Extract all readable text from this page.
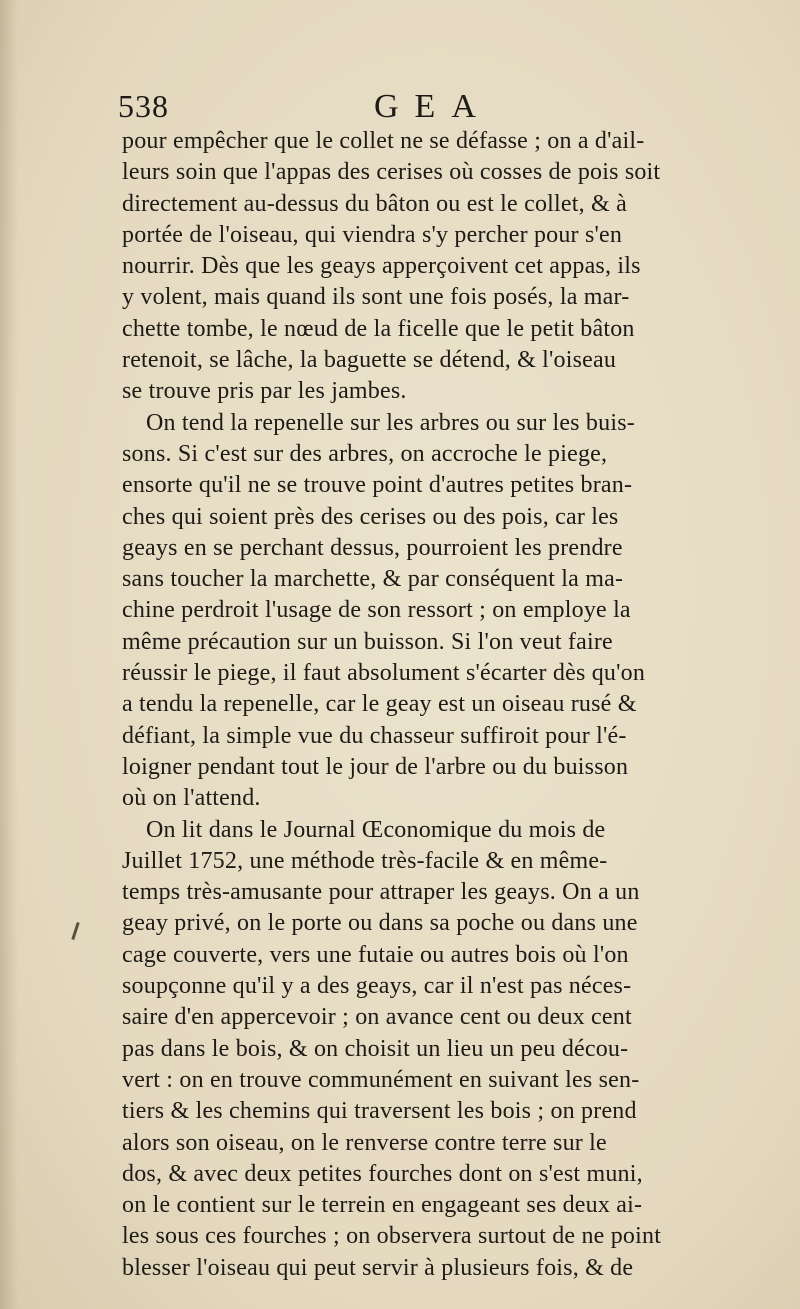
538	GEA
pour empêcher que le collet ne se défasse ; on a d'ail-
leurs soin que l'appas des cerises où cosses de pois soit
directement au-dessus du bâton ou est le collet, & à
portée de l'oiseau, qui viendra s'y percher pour s'en
nourrir. Dès que les geays apperçoivent cet appas, ils
y volent, mais quand ils sont une fois posés, la mar-
chette tombe, le nœud de la ficelle que le petit bâton
retenoit, se lâche, la baguette se détend, & l'oiseau
se trouve pris par les jambes.
On tend la repenelle sur les arbres ou sur les buis-
sons. Si c'est sur des arbres, on accroche le piege,
ensorte qu'il ne se trouve point d'autres petites bran-
ches qui soient près des cerises ou des pois, car les
geays en se perchant dessus, pourroient les prendre
sans toucher la marchette, & par conséquent la ma-
chine perdroit l'usage de son ressort ; on employe la
même précaution sur un buisson. Si l'on veut faire
réussir le piege, il faut absolument s'écarter dès qu'on
a tendu la repenelle, car le geay est un oiseau rusé &
défiant, la simple vue du chasseur suffiroit pour l'é-
loigner pendant tout le jour de l'arbre ou du buisson
où on l'attend.
On lit dans le Journal Œconomique du mois de
Juillet 1752, une méthode très-facile & en même-
temps très-amusante pour attraper les geays. On a un
geay privé, on le porte ou dans sa poche ou dans une
cage couverte, vers une futaie ou autres bois où l'on
soupçonne qu'il y a des geays, car il n'est pas néces-
saire d'en appercevoir ; on avance cent ou deux cent
pas dans le bois, & on choisit un lieu un peu décou-
vert : on en trouve communément en suivant les sen-
tiers & les chemins qui traversent les bois ; on prend
alors son oiseau, on le renverse contre terre sur le
dos, & avec deux petites fourches dont on s'est muni,
on le contient sur le terrein en engageant ses deux ai-
les sous ces fourches ; on observera surtout de ne point
blesser l'oiseau qui peut servir à plusieurs fois, & de
